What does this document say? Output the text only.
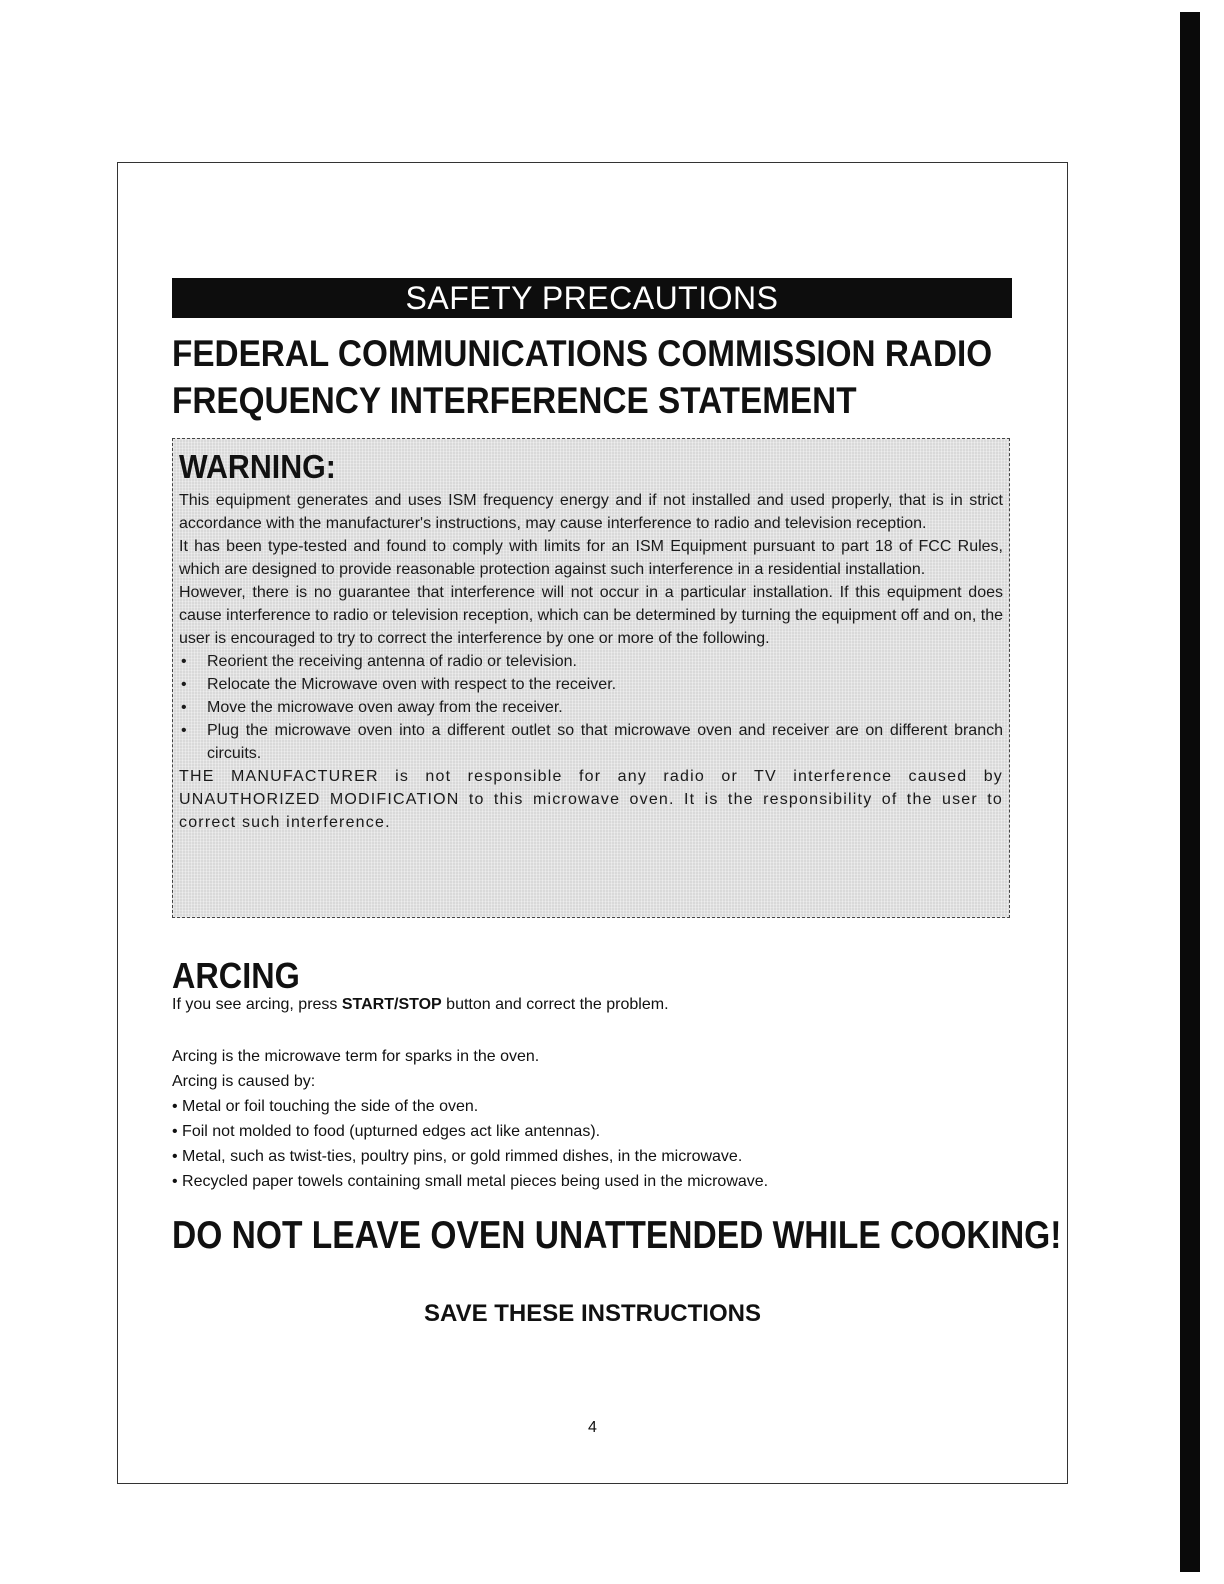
SAFETY PRECAUTIONS
FEDERAL COMMUNICATIONS COMMISSION RADIO
FREQUENCY INTERFERENCE STATEMENT
WARNING:

This equipment generates and uses ISM frequency energy and if not installed and used properly, that is in strict accordance with the manufacturer's instructions, may cause interference to radio and television reception.

It has been type-tested and found to comply with limits for an ISM Equipment pursuant to part 18 of FCC Rules, which are designed to provide reasonable protection against such interference in a residential installation.

However, there is no guarantee that interference will not occur in a particular installation. If this equipment does cause interference to radio or television reception, which can be determined by turning the equipment off and on, the user is encouraged to try to correct the interference by one or more of the following.

• Reorient the receiving antenna of radio or television.
• Relocate the Microwave oven with respect to the receiver.
• Move the microwave oven away from the receiver.
• Plug the microwave oven into a different outlet so that microwave oven and receiver are on different branch circuits.

THE MANUFACTURER is not responsible for any radio or TV interference caused by UNAUTHORIZED MODIFICATION to this microwave oven. It is the responsibility of the user to correct such interference.

ARCING

If you see arcing, press START/STOP button and correct the problem.

Arcing is the microwave term for sparks in the oven.

Arcing is caused by:

• Metal or foil touching the side of the oven.
• Foil not molded to food (upturned edges act like antennas).
• Metal, such as twist-ties, poultry pins, or gold rimmed dishes, in the microwave.
• Recycled paper towels containing small metal pieces being used in the microwave.
DO NOT LEAVE OVEN UNATTENDED WHILE COOKING!

SAVE THESE INSTRUCTIONS

4
